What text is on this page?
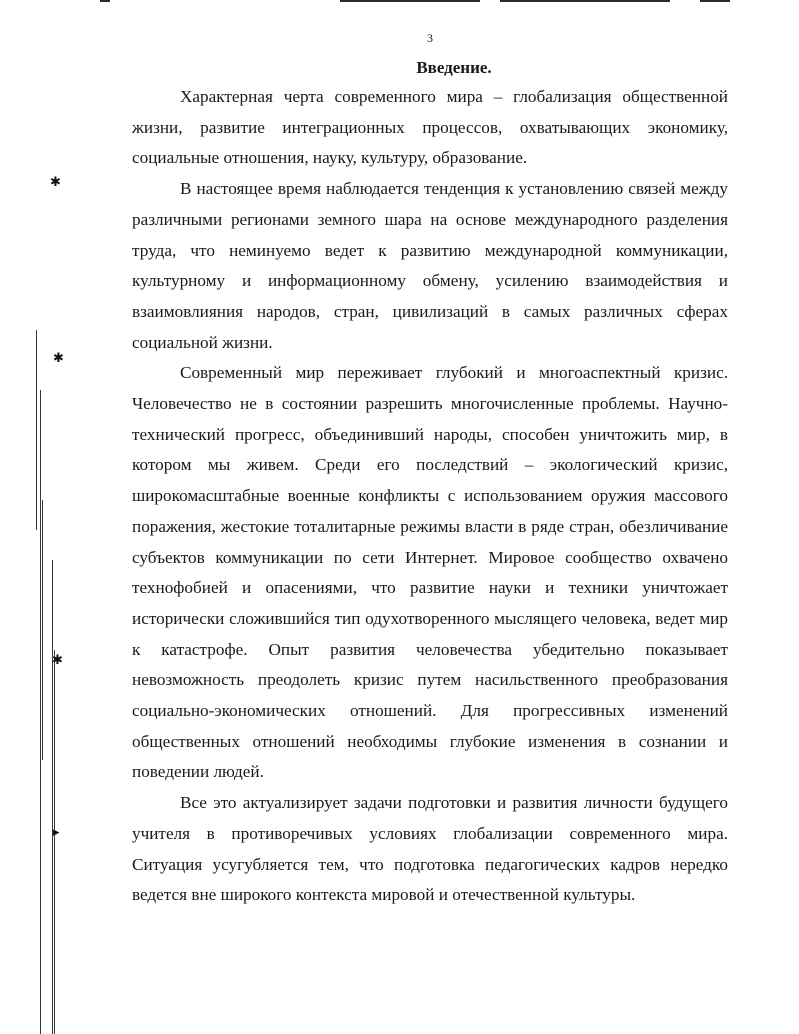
✱
✱
✱
▸
3
Введение.

Характерная черта современного мира – глобализация общественной жизни, развитие интеграционных процессов, охватывающих экономику, социальные отношения, науку, культуру, образование.

В настоящее время наблюдается тенденция к установлению связей между различными регионами земного шара на основе международного разделения труда, что неминуемо ведет к развитию международной коммуникации, культурному и информационному обмену, усилению взаимодействия и взаимовлияния народов, стран, цивилизаций в самых различных сферах социальной жизни.

Современный мир переживает глубокий и многоаспектный кризис. Человечество не в состоянии разрешить многочисленные проблемы. Научно-технический прогресс, объединивший народы, способен уничтожить мир, в котором мы живем. Среди его последствий – экологический кризис, широкомасштабные военные конфликты с использованием оружия массового поражения, жестокие тоталитарные режимы власти в ряде стран, обезличивание субъектов коммуникации по сети Интернет. Мировое сообщество охвачено технофобией и опасениями, что развитие науки и техники уничтожает исторически сложившийся тип одухотворенного мыслящего человека, ведет мир к катастрофе. Опыт развития человечества убедительно показывает невозможность преодолеть кризис путем насильственного преобразования социально-экономических отношений. Для прогрессивных изменений общественных отношений необходимы глубокие изменения в сознании и поведении людей.

Все это актуализирует задачи подготовки и развития личности будущего учителя в противоречивых условиях глобализации современного мира. Ситуация усугубляется тем, что подготовка педагогических кадров нередко ведется вне широкого контекста мировой и отечественной культуры.
